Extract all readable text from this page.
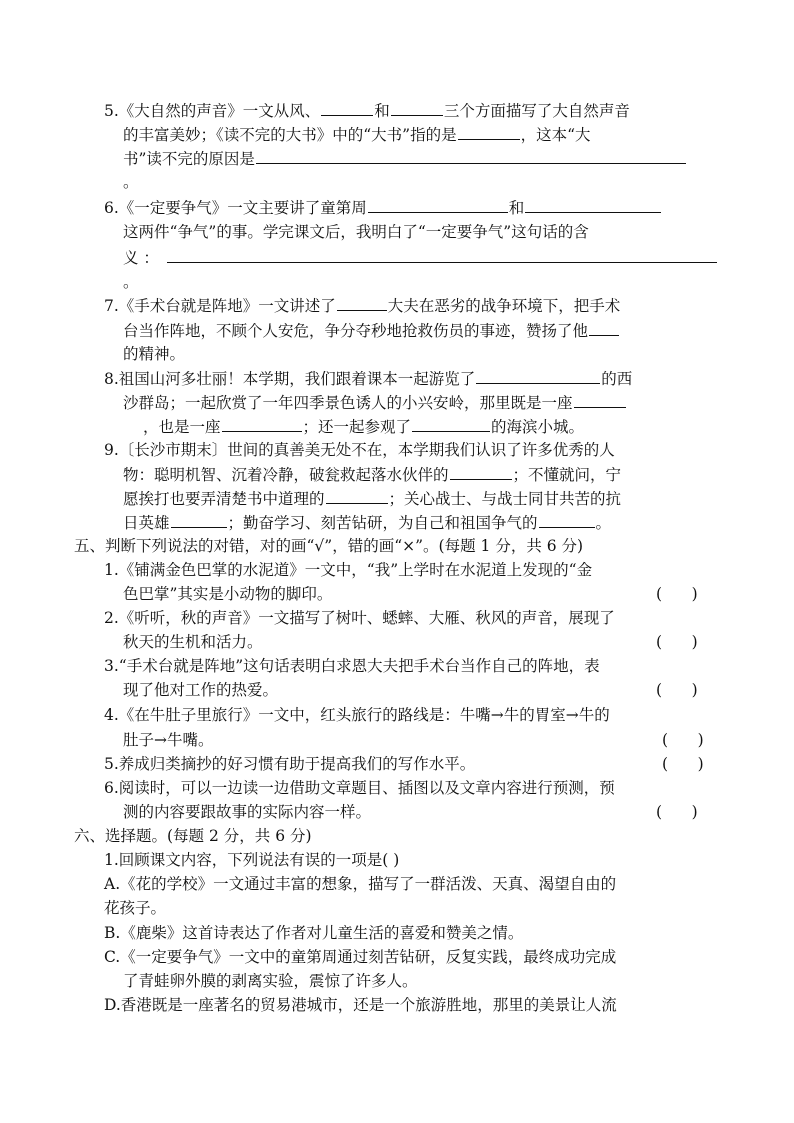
5.《大自然的声音》一文从风、	和	三个方面描写了大自然声音
的丰富美妙；《读不完的大书》中的“大书”指的是	，这本“大
书”读不完的原因是
。
6.《一定要争气》一文主要讲了童第周	和
这两件“争气”的事。学完课文后，我明白了“一定要争气”这句话的含
义 ：
。
7.《手术台就是阵地》一文讲述了	大夫在恶劣的战争环境下，把手术
台当作阵地，不顾个人安危，争分夺秒地抢救伤员的事迹，赞扬了他
的精神。
8.祖国山河多壮丽！本学期，我们跟着课本一起游览了	的西
沙群岛；一起欣赏了一年四季景色诱人的小兴安岭，那里既是一座
，也是一座	；还一起参观了	的海滨小城。
9.〔长沙市期末〕世间的真善美无处不在，本学期我们认识了许多优秀的人
物：聪明机智、沉着冷静，破瓮救起落水伙伴的	；不懂就问，宁
愿挨打也要弄清楚书中道理的	；关心战士、与战士同甘共苦的抗
日英雄	；勤奋学习、刻苦钻研，为自己和祖国争气的	。
五、判断下列说法的对错，对的画“√”，错的画“×”。(每题 1 分，共 6 分)
1.《铺满金色巴掌的水泥道》一文中，“我”上学时在水泥道上发现的“金
色巴掌”其实是小动物的脚印。	(      )
2.《听听，秋的声音》一文描写了树叶、蟋蟀、大雁、秋风的声音，展现了
秋天的生机和活力。	(      )
3.“手术台就是阵地”这句话表明白求恩大夫把手术台当作自己的阵地，表
现了他对工作的热爱。	(      )
4.《在牛肚子里旅行》一文中，红头旅行的路线是：牛嘴→牛的胃室→牛的
肚子→牛嘴。	(      )
5.养成归类摘抄的好习惯有助于提高我们的写作水平。	(      )
6.阅读时，可以一边读一边借助文章题目、插图以及文章内容进行预测，预
测的内容要跟故事的实际内容一样。	(      )
六、选择题。(每题 2 分，共 6 分)
1.回顾课文内容，下列说法有误的一项是( )
A.《花的学校》一文通过丰富的想象，描写了一群活泼、天真、渴望自由的
花孩子。
B.《鹿柴》这首诗表达了作者对儿童生活的喜爱和赞美之情。
C.《一定要争气》一文中的童第周通过刻苦钻研，反复实践，最终成功完成
了青蛙卵外膜的剥离实验，震惊了许多人。
D.香港既是一座著名的贸易港城市，还是一个旅游胜地，那里的美景让人流
